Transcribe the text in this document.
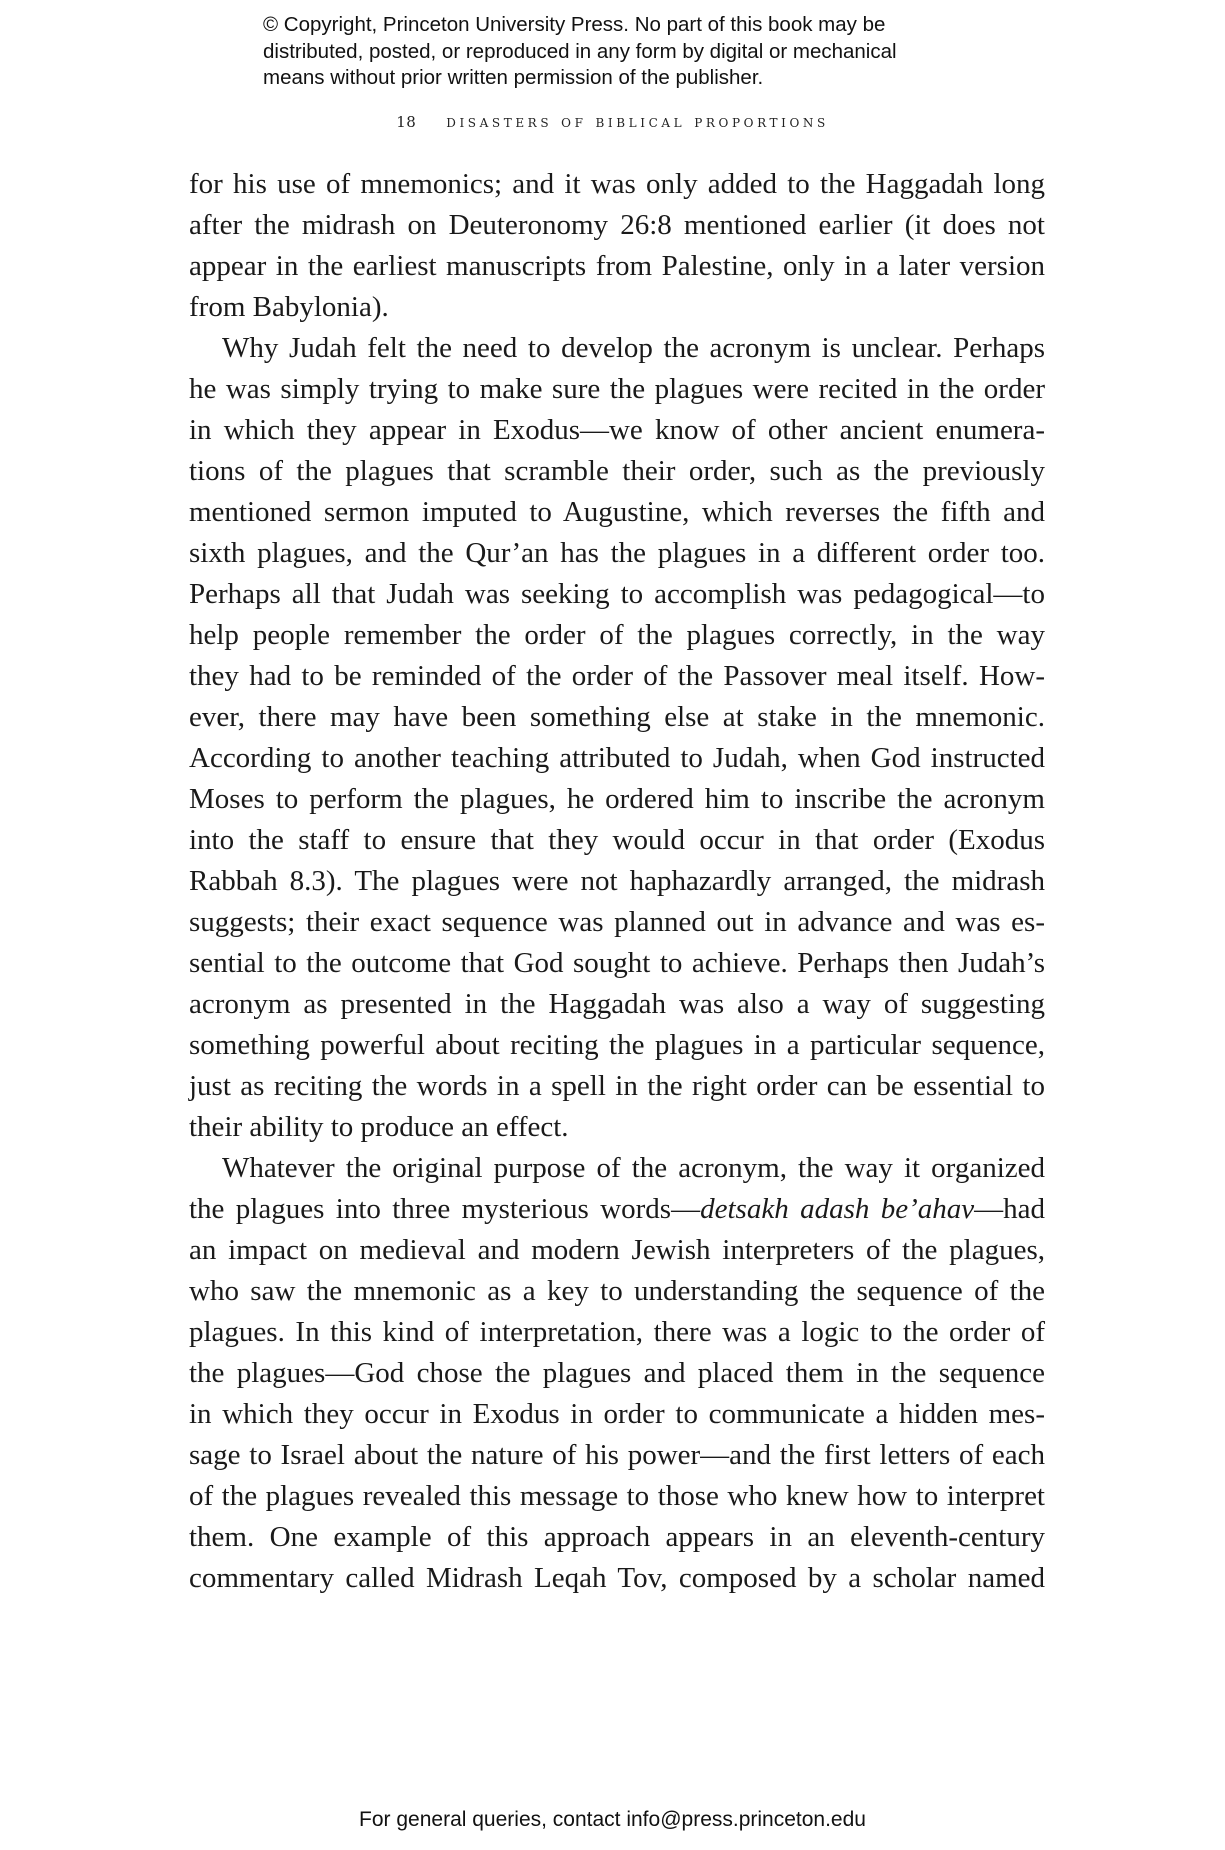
© Copyright, Princeton University Press. No part of this book may be
distributed, posted, or reproduced in any form by digital or mechanical
means without prior written permission of the publisher.
18 disasters of biblical proportions
for his use of mnemonics; and it was only added to the Haggadah long
after the midrash on Deuteronomy 26:8 mentioned earlier (it does not
appear in the earliest manuscripts from Palestine, only in a later version
from Babylonia).
Why Judah felt the need to develop the acronym is unclear. Perhaps
he was simply trying to make sure the plagues were recited in the order
in which they appear in Exodus—we know of other ancient enumera-
tions of the plagues that scramble their order, such as the previously
mentioned sermon imputed to Augustine, which reverses the fifth and
sixth plagues, and the Qur’an has the plagues in a different order too.
Perhaps all that Judah was seeking to accomplish was pedagogical—to
help people remember the order of the plagues correctly, in the way
they had to be reminded of the order of the Passover meal itself. How-
ever, there may have been something else at stake in the mnemonic.
According to another teaching attributed to Judah, when God instructed
Moses to perform the plagues, he ordered him to inscribe the acronym
into the staff to ensure that they would occur in that order (Exodus
Rabbah 8.3). The plagues were not haphazardly arranged, the midrash
suggests; their exact sequence was planned out in advance and was es-
sential to the outcome that God sought to achieve. Perhaps then Judah’s
acronym as presented in the Haggadah was also a way of suggesting
something powerful about reciting the plagues in a particular sequence,
just as reciting the words in a spell in the right order can be essential to
their ability to produce an effect.
Whatever the original purpose of the acronym, the way it organized
the plagues into three mysterious words—detsakh adash be’ahav—had
an impact on medieval and modern Jewish interpreters of the plagues,
who saw the mnemonic as a key to understanding the sequence of the
plagues. In this kind of interpretation, there was a logic to the order of
the plagues—God chose the plagues and placed them in the sequence
in which they occur in Exodus in order to communicate a hidden mes-
sage to Israel about the nature of his power—and the first letters of each
of the plagues revealed this message to those who knew how to interpret
them. One example of this approach appears in an eleventh-century
commentary called Midrash Leqah Tov, composed by a scholar named
For general queries, contact info@press.princeton.edu
